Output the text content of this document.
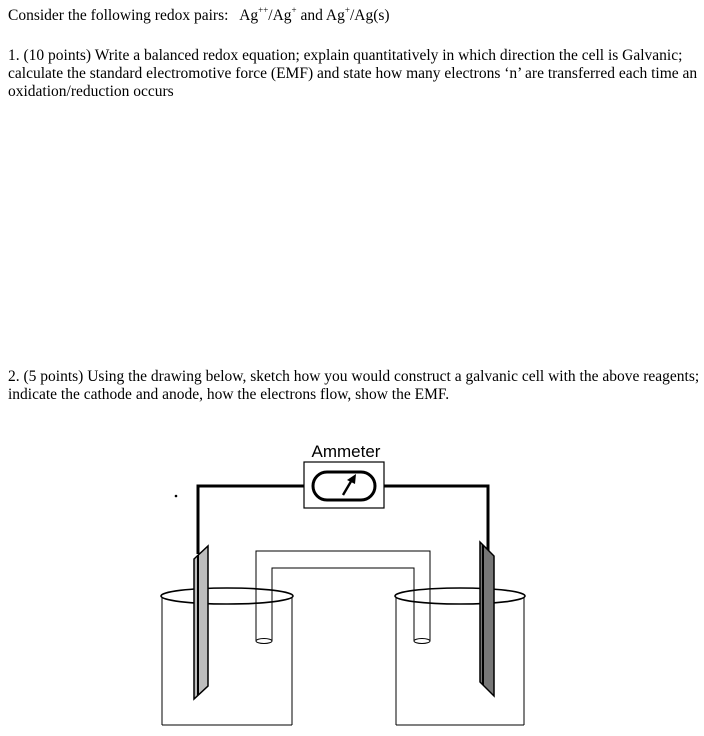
Consider the following redox pairs: Ag++/Ag+ and Ag+/Ag(s)
1. (10 points) Write a balanced redox equation; explain quantitatively in which direction the cell is Galvanic; calculate the standard electromotive force (EMF) and state how many electrons ‘n’ are transferred each time an oxidation/reduction occurs
2. (5 points) Using the drawing below, sketch how you would construct a galvanic cell with the above reagents; indicate the cathode and anode, how the electrons flow, show the EMF.
Ammeter
